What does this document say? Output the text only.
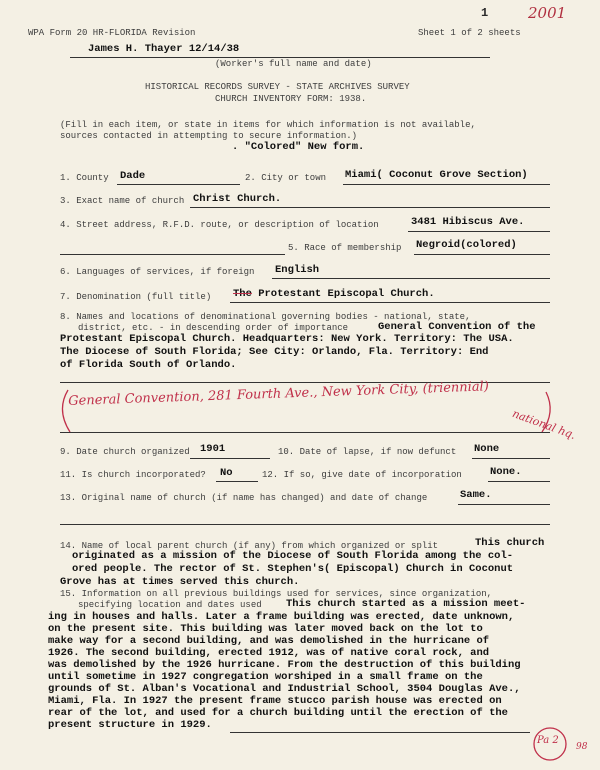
WPA Form 20 HR-FLORIDA Revision
1	2001
Sheet 1 of 2 sheets
James H. Thayer 12/14/38
(Worker's full name and date)
HISTORICAL RECORDS SURVEY - STATE ARCHIVES SURVEY
CHURCH INVENTORY FORM: 1938.
(Fill in each item, or state in items for which information is not available,
sources contacted in attempting to secure information.)
. "Colored" New form.
1. County Dade	2. City or town Miami( Coconut Grove Section)
3. Exact name of church Christ Church.
4. Street address, R.F.D. route, or description of location	3481 Hibiscus Ave.
5. Race of membership Negroid(colored)
6. Languages of services, if foreign English
7. Denomination (full title) The Protestant Episcopal Church.
8. Names and locations of denominational governing bodies - national, state,
district, etc. - in descending order of importance	General Convention of the
Protestant Episcopal Church. Headquarters: New York. Territory: The USA.
The Diocese of South Florida; See City: Orlando, Fla. Territory: End
of Florida South of Orlando.
General Convention, 281 Fourth Ave., New York City, (triennial)
national hq.
9. Date church organized 1901	10. Date of lapse, if now defunct None
11. Is church incorporated? No	12. If so, give date of incorporation	None.
13. Original name of church (if name has changed) and date of change	Same.
14. Name of local parent church (if any) from which organized or split	This church
originated as a mission of the Diocese of South Florida among the col-
ored people. The rector of St. Stephen's( Episcopal) Church in Coconut
Grove has at times served this church.
15. Information on all previous buildings used for services, since organization,
specifying location and dates used This church started as a mission meet-
ing in houses and halls. Later a frame building was erected, date unknown,
on the present site. This building was later moved back on the lot to
make way for a second building, and was demolished in the hurricane of
1926. The second building, erected 1912, was of native coral rock, and
was demolished by the 1926 hurricane. From the destruction of this building
until sometime in 1927 congregation worshiped in a small frame on the
grounds of St. Alban's Vocational and Industrial School, 3504 Douglas Ave.,
Miami, Fla. In 1927 the present frame stucco parish house was erected on
rear of the lot, and used for a church building until the erection of the
present structure in 1929.
Pa 2
98
